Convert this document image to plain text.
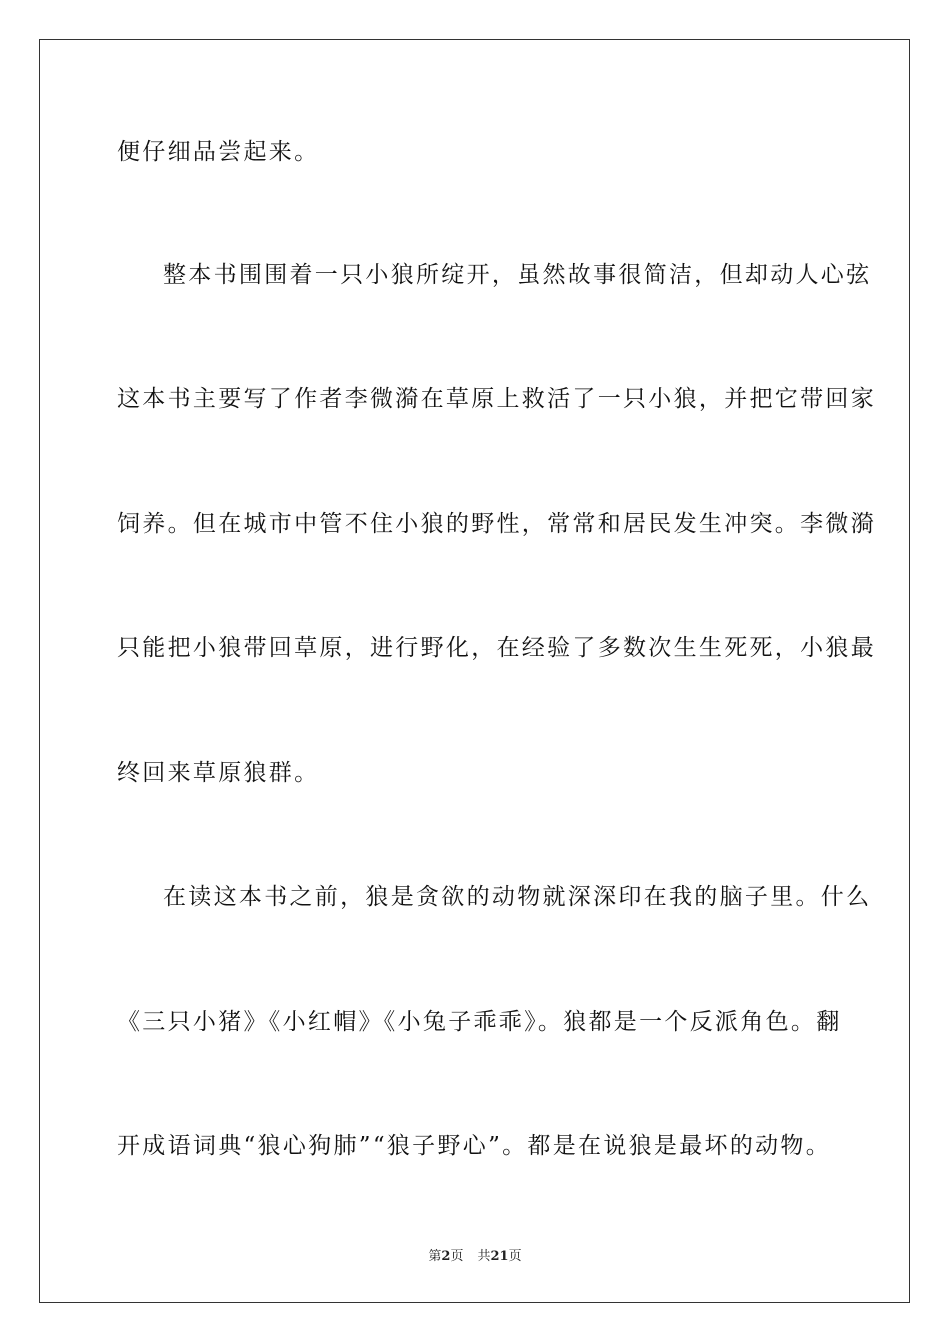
便仔细品尝起来。
整本书围围着一只小狼所绽开，虽然故事很简洁，但却动人心弦
这本书主要写了作者李微漪在草原上救活了一只小狼，并把它带回家
饲养。但在城市中管不住小狼的野性，常常和居民发生冲突。李微漪
只能把小狼带回草原，进行野化，在经验了多数次生生死死，小狼最
终回来草原狼群。
在读这本书之前，狼是贪欲的动物就深深印在我的脑子里。什么
《三只小猪》《小红帽》《小兔子乖乖》。狼都是一个反派角色。翻
开成语词典“狼心狗肺”“狼子野心”。都是在说狼是最坏的动物。
第2页 共21页
